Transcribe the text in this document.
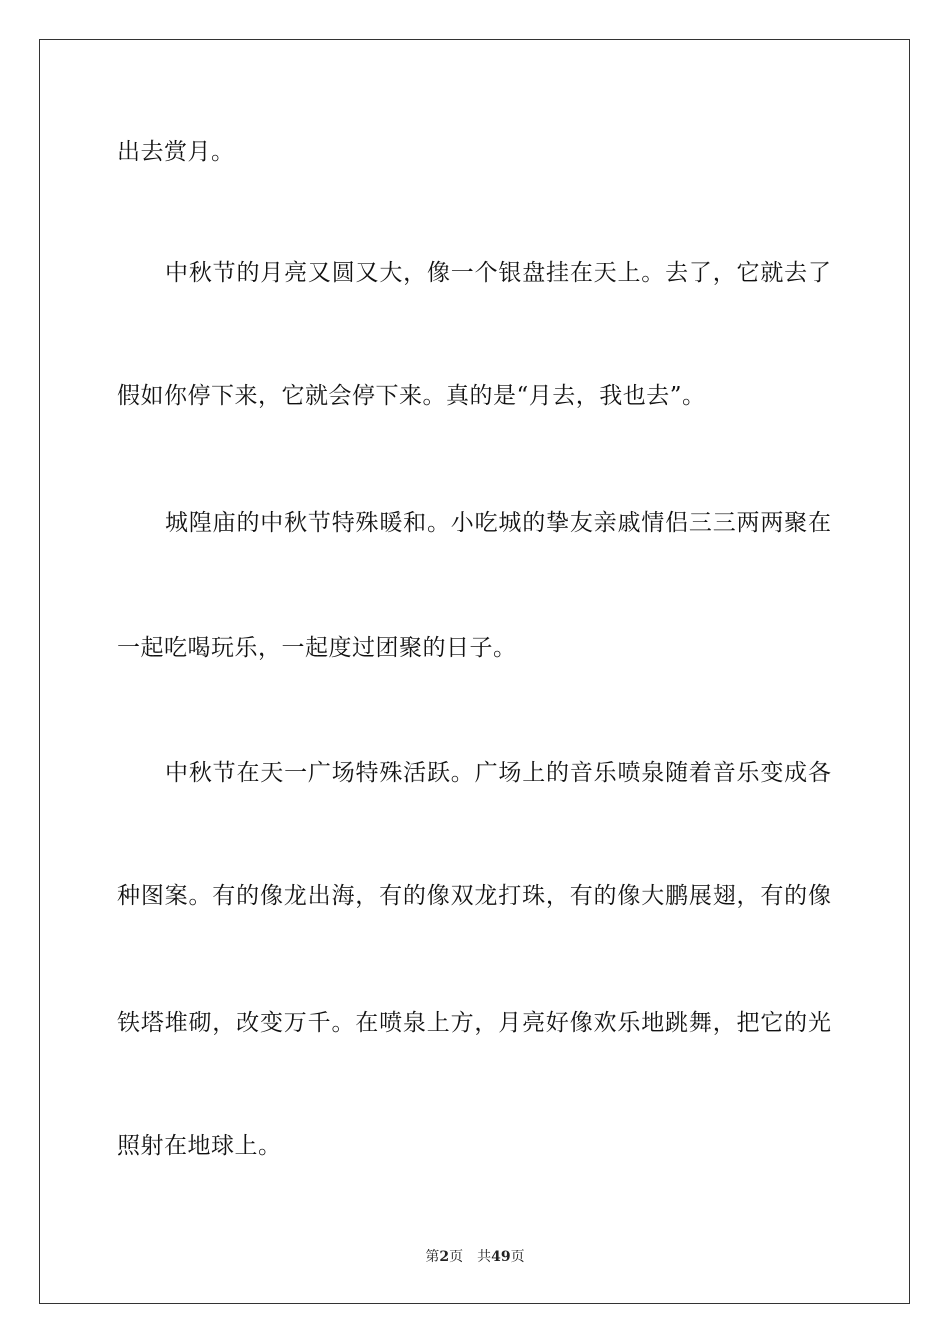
出去赏月。
中秋节的月亮又圆又大，像一个银盘挂在天上。去了，它就去了
假如你停下来，它就会停下来。真的是“月去，我也去”。
城隍庙的中秋节特殊暖和。小吃城的挚友亲戚情侣三三两两聚在
一起吃喝玩乐，一起度过团聚的日子。
中秋节在天一广场特殊活跃。广场上的音乐喷泉随着音乐变成各
种图案。有的像龙出海，有的像双龙打珠，有的像大鹏展翅，有的像
铁塔堆砌，改变万千。在喷泉上方，月亮好像欢乐地跳舞，把它的光
照射在地球上。
第2页 共49页
